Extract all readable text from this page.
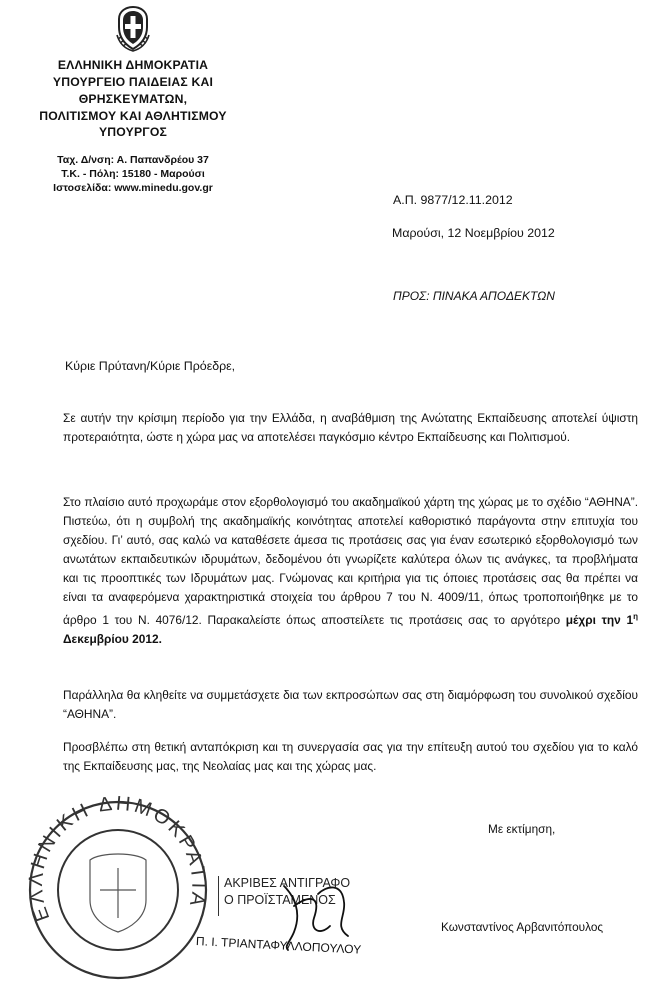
ΕΛΛΗΝΙΚΗ ΔΗΜΟΚΡΑΤΙΑ
ΥΠΟΥΡΓΕΙΟ ΠΑΙΔΕΙΑΣ ΚΑΙ ΘΡΗΣΚΕΥΜΑΤΩΝ,
ΠΟΛΙΤΙΣΜΟΥ ΚΑΙ ΑΘΛΗΤΙΣΜΟΥ
ΥΠΟΥΡΓΟΣ
Ταχ. Δ/νση: Α. Παπανδρέου 37
Τ.Κ. - Πόλη: 15180 - Μαρούσι
Ιστοσελίδα: www.minedu.gov.gr
Α.Π. 9877/12.11.2012
Μαρούσι, 12 Νοεμβρίου 2012
ΠΡΟΣ: ΠΙΝΑΚΑ ΑΠΟΔΕΚΤΩΝ
Κύριε Πρύτανη/Κύριε Πρόεδρε,

Σε αυτήν την κρίσιμη περίοδο για την Ελλάδα, η αναβάθμιση της Ανώτατης Εκπαίδευσης αποτελεί ύψιστη προτεραιότητα, ώστε η χώρα μας να αποτελέσει παγκόσμιο κέντρο Εκπαίδευσης και Πολιτισμού.

Στο πλαίσιο αυτό προχωράμε στον εξορθολογισμό του ακαδημαϊκού χάρτη της χώρας με το σχέδιο “ΑΘΗΝΑ”. Πιστεύω, ότι η συμβολή της ακαδημαϊκής κοινότητας αποτελεί καθοριστικό παράγοντα στην επιτυχία του σχεδίου. Γι’ αυτό, σας καλώ να καταθέσετε άμεσα τις προτάσεις σας για έναν εσωτερικό εξορθολογισμό των ανωτάτων εκπαιδευτικών ιδρυμάτων, δεδομένου ότι γνωρίζετε καλύτερα όλων τις ανάγκες, τα προβλήματα και τις προοπτικές των Ιδρυμάτων μας. Γνώμονας και κριτήρια για τις όποιες προτάσεις σας θα πρέπει να είναι τα αναφερόμενα χαρακτηριστικά στοιχεία του άρθρου 7 του Ν. 4009/11, όπως τροποποιήθηκε με το άρθρο 1 του Ν. 4076/12. Παρακαλείστε όπως αποστείλετε τις προτάσεις σας το αργότερο μέχρι την $1^\eta$ Δεκεμβρίου 2012.

Παράλληλα θα κληθείτε να συμμετάσχετε δια των εκπροσώπων σας στη διαμόρφωση του συνολικού σχεδίου “ΑΘΗΝΑ”.

Προσβλέπω στη θετική ανταπόκριση και τη συνεργασία σας για την επίτευξη αυτού του σχεδίου για το καλό της Εκπαίδευσης μας, της Νεολαίας μας και της χώρας μας.

Με εκτίμηση,
Κωνσταντίνος Αρβανιτόπουλος
ΕΛΛΗΝΙΚΗ ΔΗΜΟΚΡΑΤΙΑ
ΑΚΡΙΒΕΣ ΑΝΤΙΓΡΑΦΟ
Ο ΠΡΟΪΣΤΑΜΕΝΟΣ
Π. Ι. ΤΡΙΑΝΤΑΦΥΛΛΟΠΟΥΛΟΥ
